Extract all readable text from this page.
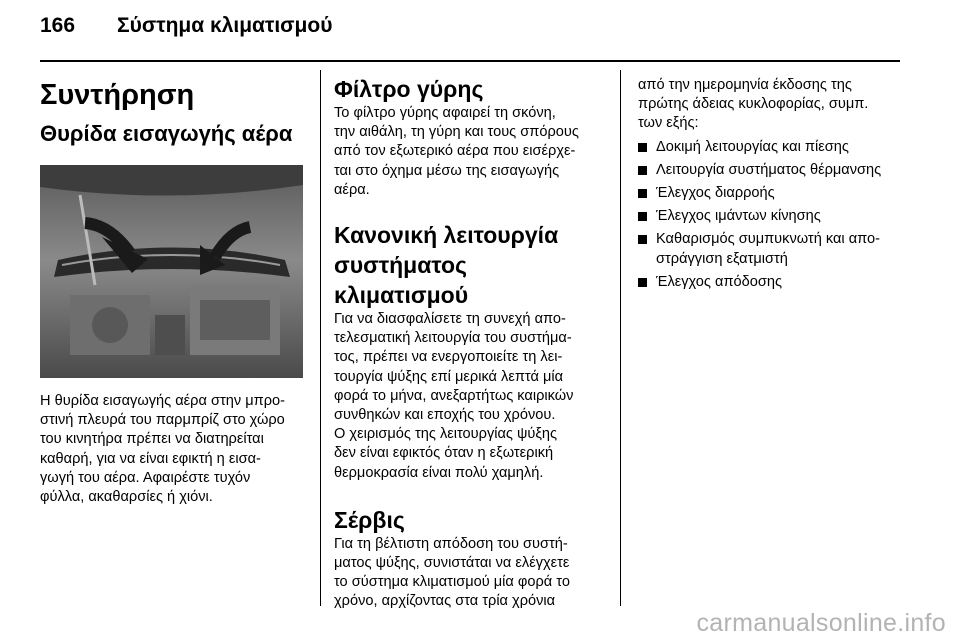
166 Σύστημα κλιματισμού
Συντήρηση
Θυρίδα εισαγωγής αέρα

Η θυρίδα εισαγωγής αέρα στην μπρο-
στινή πλευρά του παρμπρίζ στο χώρο
του κινητήρα πρέπει να διατηρείται
καθαρή, για να είναι εφικτή η εισα-
γωγή του αέρα. Αφαιρέστε τυχόν
φύλλα, ακαθαρσίες ή χιόνι.

Φίλτρο γύρης

Το φίλτρο γύρης αφαιρεί τη σκόνη,
την αιθάλη, τη γύρη και τους σπόρους
από τον εξωτερικό αέρα που εισέρχε-
ται στο όχημα μέσω της εισαγωγής
αέρα.

Κανονική λειτουργία
συστήματος κλιματισμού

Για να διασφαλίσετε τη συνεχή απο-
τελεσματική λειτουργία του συστήμα-
τος, πρέπει να ενεργοποιείτε τη λει-
τουργία ψύξης επί μερικά λεπτά μία
φορά το μήνα, ανεξαρτήτως καιρικών
συνθηκών και εποχής του χρόνου.
Ο χειρισμός της λειτουργίας ψύξης
δεν είναι εφικτός όταν η εξωτερική
θερμοκρασία είναι πολύ χαμηλή.

Σέρβις

Για τη βέλτιστη απόδοση του συστή-
ματος ψύξης, συνιστάται να ελέγχετε
το σύστημα κλιματισμού μία φορά το
χρόνο, αρχίζοντας στα τρία χρόνια

από την ημερομηνία έκδοσης της
πρώτης άδειας κυκλοφορίας, συμπ.
των εξής:

Δοκιμή λειτουργίας και πίεσης
Λειτουργία συστήματος θέρμανσης
Έλεγχος διαρροής
Έλεγχος ιμάντων κίνησης
Καθαρισμός συμπυκνωτή και απο-
στράγγιση εξατμιστή
Έλεγχος απόδοσης
carmanualsonline.info
